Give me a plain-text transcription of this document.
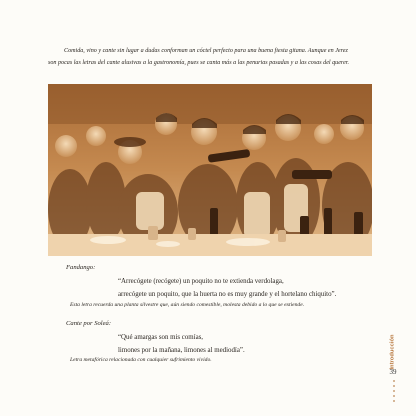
Comida, vino y cante sin lugar a dudas conforman un cóctel perfecto para una buena fiesta gitana. Aunque en Jerez

son pocas las letras del cante alusivas a la gastronomía, pues se canta más a las penurias pasadas y a las cosas del querer.

Fandango:
“Arrecógete (recógete) un poquito no te extienda verdolaga,
arrecógete un poquito, que la huerta no es muy grande y el hortelano chiquito”.
Esta letra recuerda una planta silvestre que, aún siendo comestible, molesta debido a lo que se extiende.
Cante por Soleá:
“Qué amargas son mis comías,
limones por la mañana, limones al mediodía”.
Letra metafórica relacionada con cualquier sufrimiento vivido.	Introducción
39
